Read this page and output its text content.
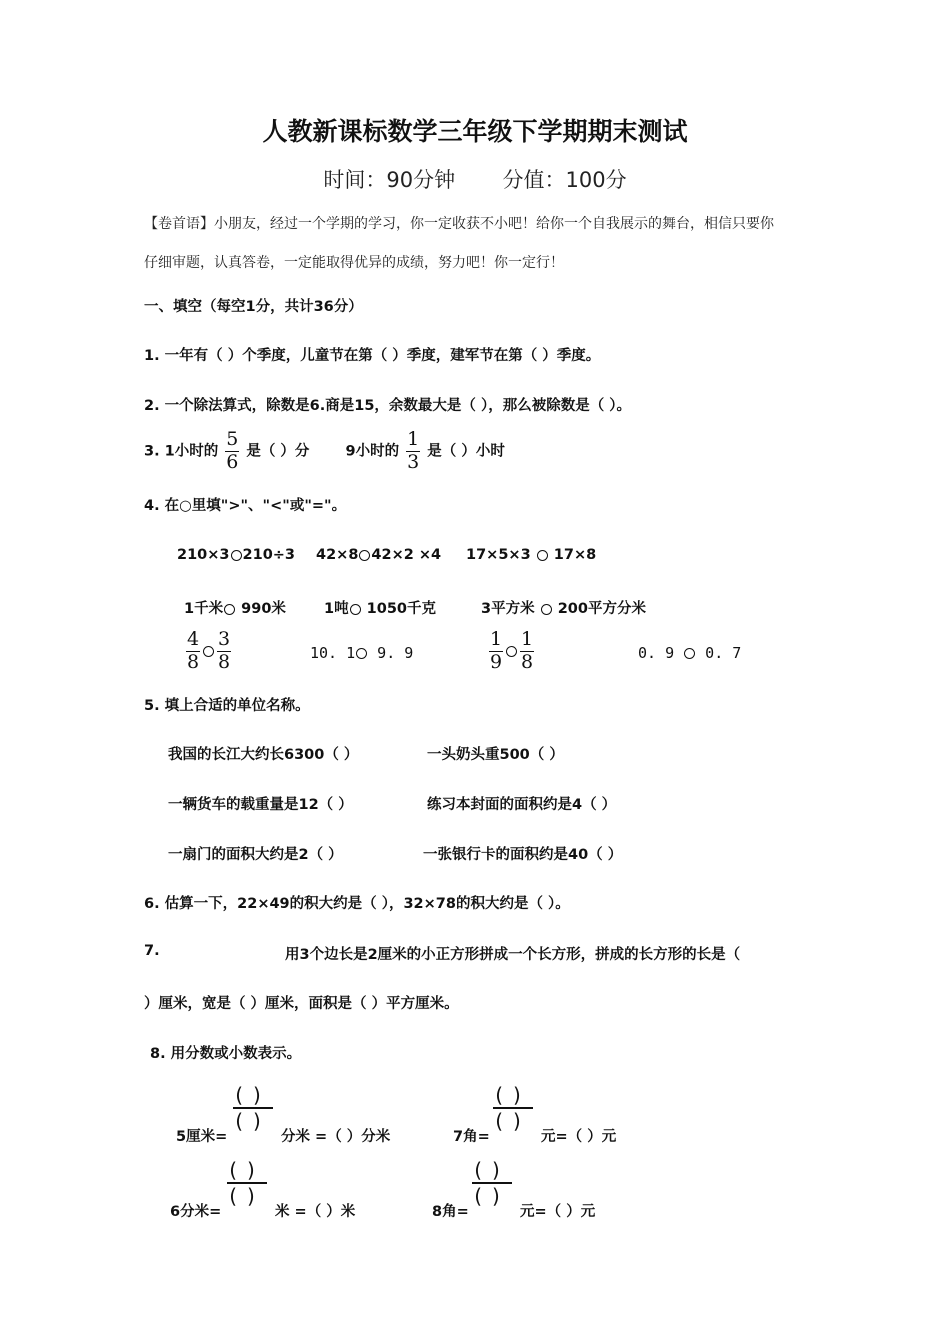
人教新课标数学三年级下学期期末测试
时间：90分钟 分值：100分
【卷首语】小朋友，经过一个学期的学习，你一定收获不小吧！给你一个自我展示的舞台，相信只要你
仔细审题，认真答卷，一定能取得优异的成绩，努力吧！你一定行！
一、填空（每空1分，共计36分）
1. 一年有（ ）个季度，儿童节在第（ ）季度，建军节在第（ ）季度。
2. 一个除法算式，除数是6.商是15，余数最大是（ ），那么被除数是（ ）。
3. 1小时的 $\frac{5}{6}$ 是（ ）分 9小时的 $\frac{1}{3}$ 是（ ）小时
4. 在○里填">"、"<"或"="。
210×3 210÷3 42×8 42×2 ×4 17×5×3  17×8
1千米 990米	1吨 1050千克	3平方米  200平方分米
$\frac{4}{8} \frac{3}{8}$	10. 1 9. 9	$\frac{1}{9} \frac{1}{8}$	0. 9  0. 7
5. 填上合适的单位名称。
我国的长江大约长6300（ ）	一头奶头重500（ ）
一辆货车的载重量是12（ ）	练习本封面的面积约是4（ ）
一扇门的面积大约是2（ ）	一张银行卡的面积约是40（ ）
6. 估算一下，22×49的积大约是（ ），32×78的积大约是（ ）。
7.	用3个边长是2厘米的小正方形拼成一个长方形，拼成的长方形的长是（
）厘米，宽是（ ）厘米，面积是（ ）平方厘米。
8. 用分数或小数表示。
5厘米=
()
()
分米 =（ ）分米	7角=
()
()
元=（ ）元
6分米=
()
()
米 =（ ）米	8角=
()
()
元=（ ）元
